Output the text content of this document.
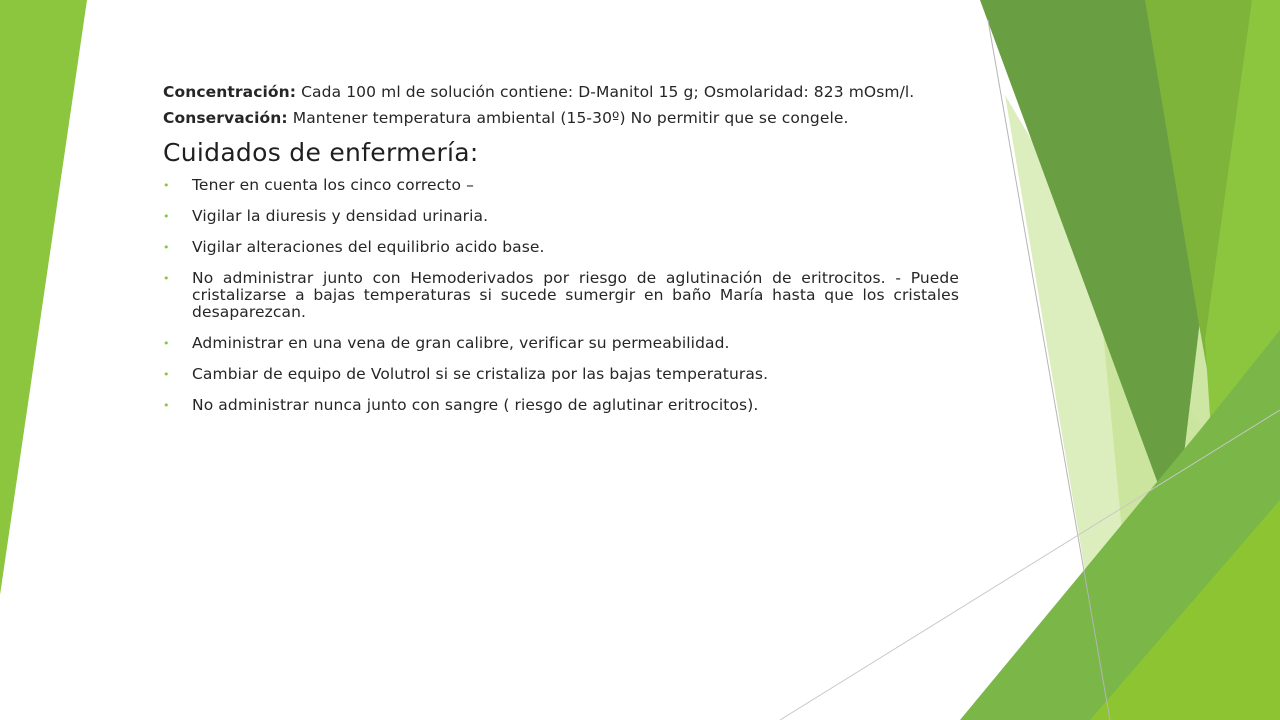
Concentración: Cada 100 ml de solución contiene: D-Manitol 15 g; Osmolaridad: 823 mOsm/l.

Conservación: Mantener temperatura ambiental (15-30º) No permitir que se congele.

Cuidados de enfermería:
• Tener en cuenta los cinco correcto –
• Vigilar la diuresis y densidad urinaria.
• Vigilar alteraciones del equilibrio acido base.
• No administrar junto con Hemoderivados por riesgo de aglutinación de eritrocitos. - Puede cristalizarse a bajas temperaturas si sucede sumergir en baño María hasta que los cristales desaparezcan.
• Administrar en una vena de gran calibre, verificar su permeabilidad.
• Cambiar de equipo de Volutrol si se cristaliza por las bajas temperaturas.
• No administrar nunca junto con sangre ( riesgo de aglutinar eritrocitos).
